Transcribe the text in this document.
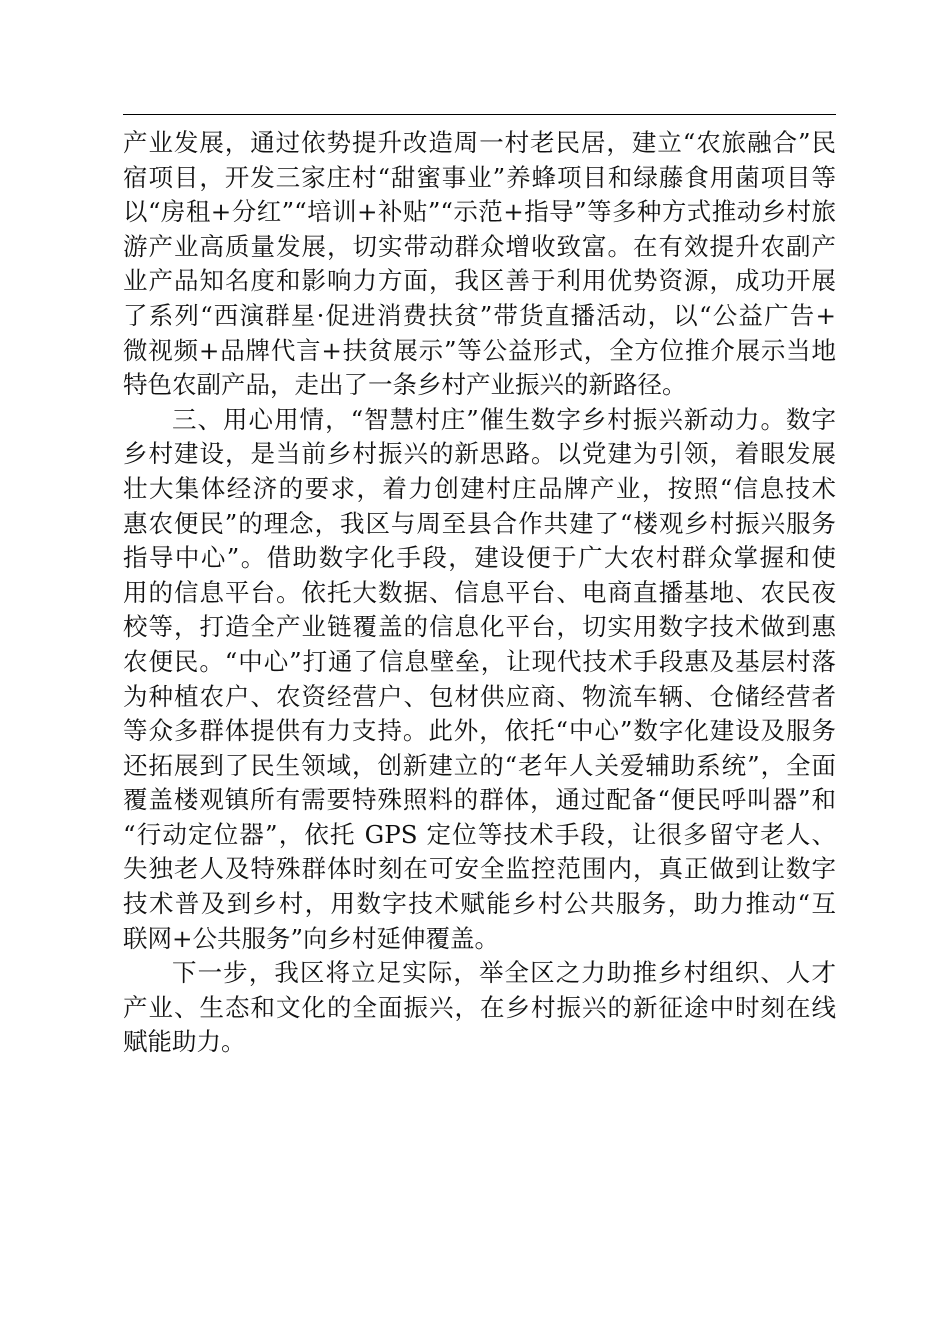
产业发展，通过依势提升改造周一村老民居，建立“农旅融合”民
宿项目，开发三家庄村“甜蜜事业”养蜂项目和绿藤食用菌项目等
以“房租+分红”“培训+补贴”“示范+指导”等多种方式推动乡村旅
游产业高质量发展，切实带动群众增收致富。在有效提升农副产
业产品知名度和影响力方面，我区善于利用优势资源，成功开展
了系列“西演群星·促进消费扶贫”带货直播活动，以“公益广告+
微视频+品牌代言+扶贫展示”等公益形式，全方位推介展示当地
特色农副产品，走出了一条乡村产业振兴的新路径。
三、用心用情，“智慧村庄”催生数字乡村振兴新动力。数字
乡村建设，是当前乡村振兴的新思路。以党建为引领，着眼发展
壮大集体经济的要求，着力创建村庄品牌产业，按照“信息技术
惠农便民”的理念，我区与周至县合作共建了“楼观乡村振兴服务
指导中心”。借助数字化手段，建设便于广大农村群众掌握和使
用的信息平台。依托大数据、信息平台、电商直播基地、农民夜
校等，打造全产业链覆盖的信息化平台，切实用数字技术做到惠
农便民。“中心”打通了信息壁垒，让现代技术手段惠及基层村落
为种植农户、农资经营户、包材供应商、物流车辆、仓储经营者
等众多群体提供有力支持。此外，依托“中心”数字化建设及服务
还拓展到了民生领域，创新建立的“老年人关爱辅助系统”，全面
覆盖楼观镇所有需要特殊照料的群体，通过配备“便民呼叫器”和
“行动定位器”，依托 GPS 定位等技术手段，让很多留守老人、
失独老人及特殊群体时刻在可安全监控范围内，真正做到让数字
技术普及到乡村，用数字技术赋能乡村公共服务，助力推动“互
联网+公共服务”向乡村延伸覆盖。
下一步，我区将立足实际，举全区之力助推乡村组织、人才
产业、生态和文化的全面振兴，在乡村振兴的新征途中时刻在线
赋能助力。
